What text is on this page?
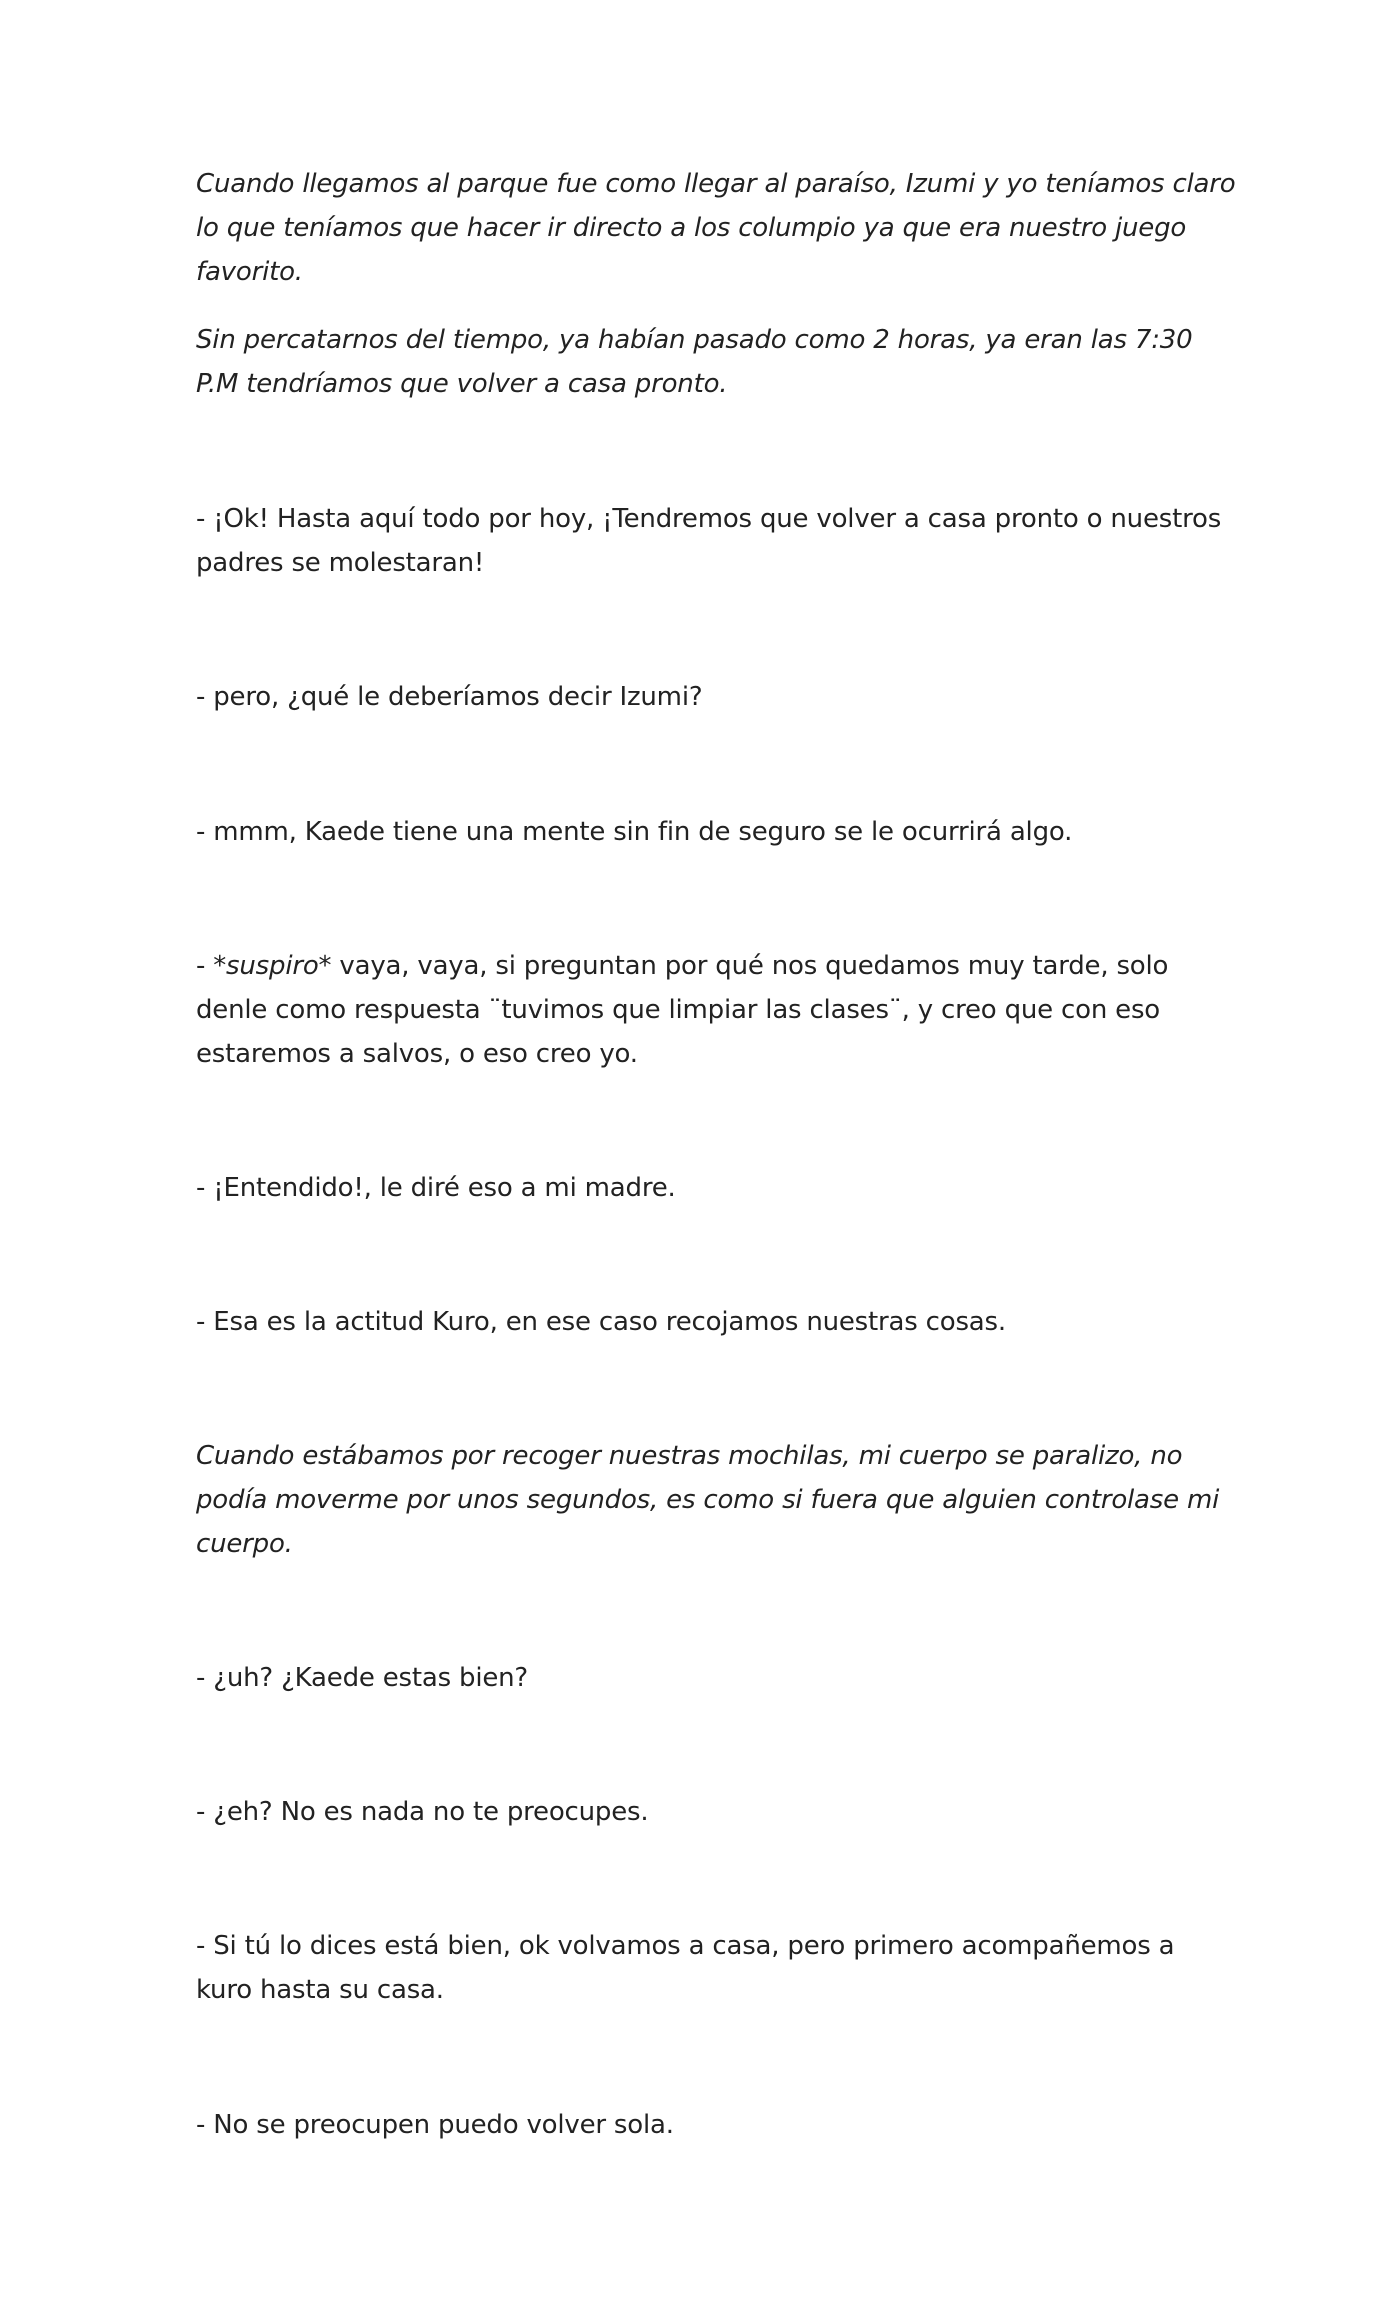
Cuando llegamos al parque fue como llegar al paraíso, Izumi y yo teníamos claro lo que teníamos que hacer ir directo a los columpio ya que era nuestro juego favorito.

Sin percatarnos del tiempo, ya habían pasado como 2 horas, ya eran las 7:30 P.M tendríamos que volver a casa pronto.

- ¡Ok! Hasta aquí todo por hoy, ¡Tendremos que volver a casa pronto o nuestros padres se molestaran!

- pero, ¿qué le deberíamos decir Izumi?

- mmm, Kaede tiene una mente sin fin de seguro se le ocurrirá algo.

- *suspiro* vaya, vaya, si preguntan por qué nos quedamos muy tarde, solo denle como respuesta ¨tuvimos que limpiar las clases¨, y creo que con eso estaremos a salvos, o eso creo yo.

- ¡Entendido!, le diré eso a mi madre.

- Esa es la actitud Kuro, en ese caso recojamos nuestras cosas.

Cuando estábamos por recoger nuestras mochilas, mi cuerpo se paralizo, no podía moverme por unos segundos, es como si fuera que alguien controlase mi cuerpo.

- ¿uh? ¿Kaede estas bien?

- ¿eh? No es nada no te preocupes.

- Si tú lo dices está bien, ok volvamos a casa, pero primero acompañemos a kuro hasta su casa.

- No se preocupen puedo volver sola.
